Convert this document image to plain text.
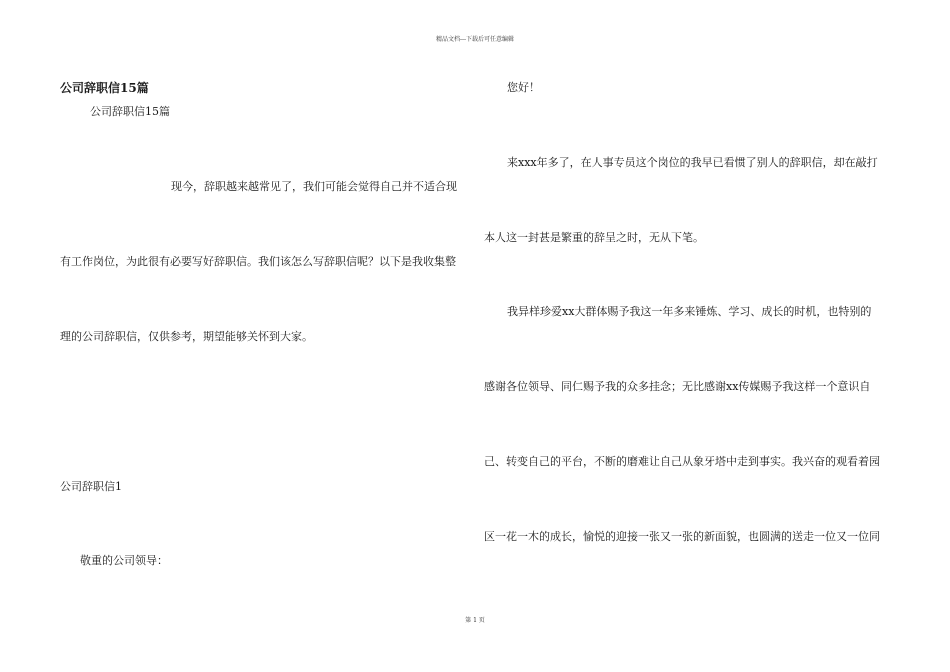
精品文档---下载后可任意编辑
公司辞职信15篇
公司辞职信15篇
现今，辞职越来越常见了，我们可能会觉得自己并不适合现
有工作岗位，为此很有必要写好辞职信。我们该怎么写辞职信呢？以下是我收集整
理的公司辞职信，仅供参考，期望能够关怀到大家。
公司辞职信1
敬重的公司领导：
您好！
来xxx年多了，在人事专员这个岗位的我早已看惯了别人的辞职信，却在敲打
本人这一封甚是繁重的辞呈之时，无从下笔。
我异样珍爱xx大群体赐予我这一年多来锤炼、学习、成长的时机，也特别的
感谢各位领导、同仁赐予我的众多挂念；无比感谢xx传媒赐予我这样一个意识自
己、转变自己的平台，不断的磨难让自己从象牙塔中走到事实。我兴奋的观看着园
区一花一木的成长，愉悦的迎接一张又一张的新面貌，也圆满的送走一位又一位同
第 1 页
